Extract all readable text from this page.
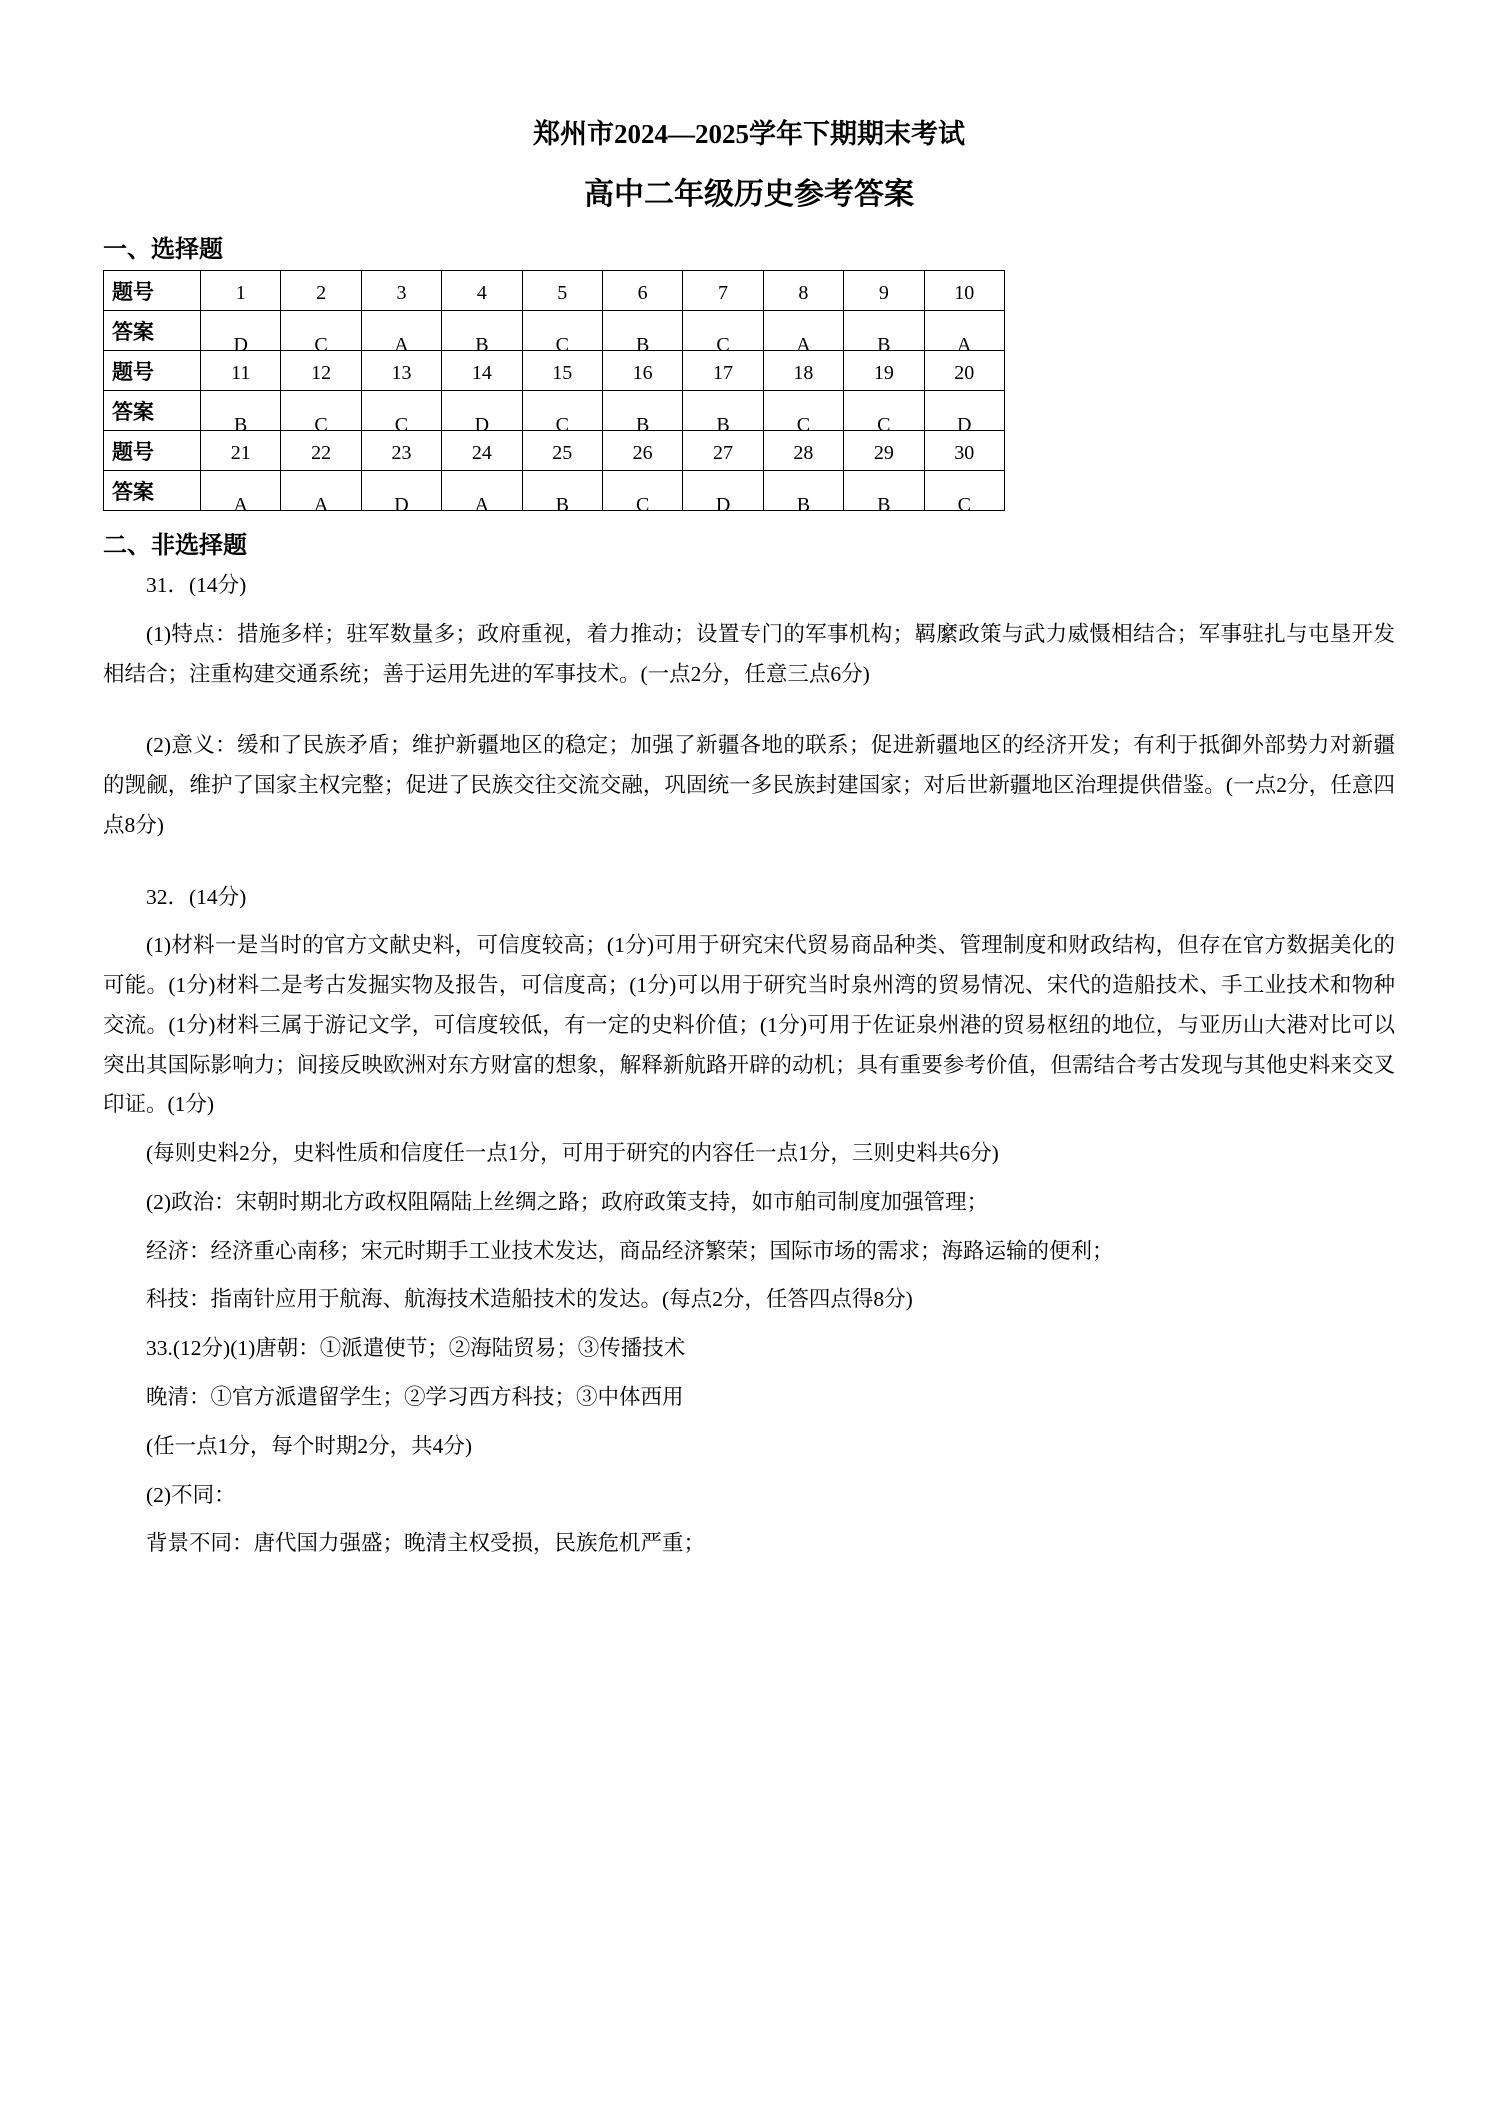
郑州市2024—2025学年下期期末考试
高中二年级历史参考答案
一、选择题
题号	1	2	3	4	5	6	7	8	9	10
答案	D	C	A	B	C	B	C	A	B	A
题号	11	12	13	14	15	16	17	18	19	20
答案	B	C	C	D	C	B	B	C	C	D
题号	21	22	23	24	25	26	27	28	29	30
答案	A	A	D	A	B	C	D	B	B	C
二、非选择题

31．(14分)

(1)特点：措施多样；驻军数量多；政府重视，着力推动；设置专门的军事机构；羁縻政策与武力威慑相结合；军事驻扎与屯垦开发相结合；注重构建交通系统；善于运用先进的军事技术。(一点2分，任意三点6分)

(2)意义：缓和了民族矛盾；维护新疆地区的稳定；加强了新疆各地的联系；促进新疆地区的经济开发；有利于抵御外部势力对新疆的觊觎，维护了国家主权完整；促进了民族交往交流交融，巩固统一多民族封建国家；对后世新疆地区治理提供借鉴。(一点2分，任意四点8分)

32．(14分)

(1)材料一是当时的官方文献史料，可信度较高；(1分)可用于研究宋代贸易商品种类、管理制度和财政结构，但存在官方数据美化的可能。(1分)材料二是考古发掘实物及报告，可信度高；(1分)可以用于研究当时泉州湾的贸易情况、宋代的造船技术、手工业技术和物种交流。(1分)材料三属于游记文学，可信度较低，有一定的史料价值；(1分)可用于佐证泉州港的贸易枢纽的地位，与亚历山大港对比可以突出其国际影响力；间接反映欧洲对东方财富的想象，解释新航路开辟的动机；具有重要参考价值，但需结合考古发现与其他史料来交叉印证。(1分)

(每则史料2分，史料性质和信度任一点1分，可用于研究的内容任一点1分，三则史料共6分)

(2)政治：宋朝时期北方政权阻隔陆上丝绸之路；政府政策支持，如市舶司制度加强管理；

经济：经济重心南移；宋元时期手工业技术发达，商品经济繁荣；国际市场的需求；海路运输的便利；

科技：指南针应用于航海、航海技术造船技术的发达。(每点2分，任答四点得8分)

33.(12分)(1)唐朝：①派遣使节；②海陆贸易；③传播技术

晚清：①官方派遣留学生；②学习西方科技；③中体西用

(任一点1分，每个时期2分，共4分)

(2)不同：

背景不同：唐代国力强盛；晚清主权受损，民族危机严重；
